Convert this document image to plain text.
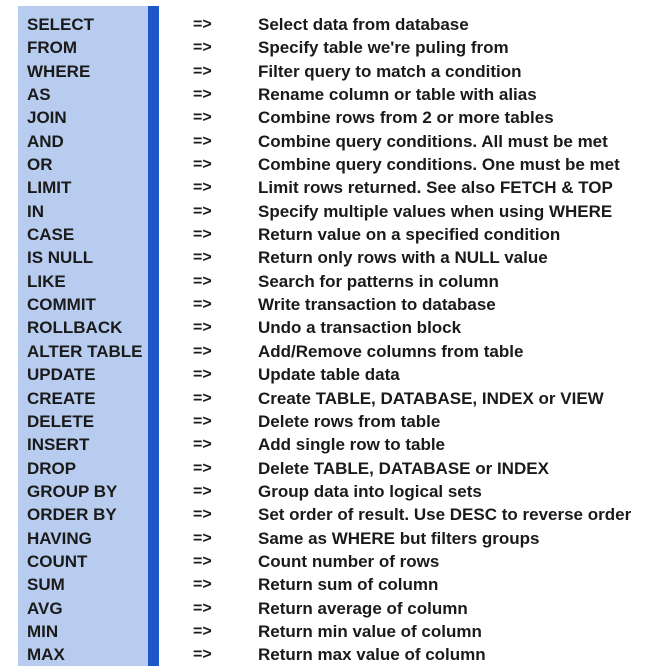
SELECT	=>	Select data from database
FROM	=>	Specify table we're puling from
WHERE	=>	Filter query to match a condition
AS	=>	Rename column or table with alias
JOIN	=>	Combine rows from 2 or more tables
AND	=>	Combine query conditions. All must be met
OR	=>	Combine query conditions. One must be met
LIMIT	=>	Limit rows returned. See also FETCH & TOP
IN	=>	Specify multiple values when using WHERE
CASE	=>	Return value on a specified condition
IS NULL	=>	Return only rows with a NULL value
LIKE	=>	Search for patterns in column
COMMIT	=>	Write transaction to database
ROLLBACK	=>	Undo a transaction block
ALTER TABLE	=>	Add/Remove columns from table
UPDATE	=>	Update table data
CREATE	=>	Create TABLE, DATABASE, INDEX or VIEW
DELETE	=>	Delete rows from table
INSERT	=>	Add single row to table
DROP	=>	Delete TABLE, DATABASE or INDEX
GROUP BY	=>	Group data into logical sets
ORDER BY	=>	Set order of result. Use DESC to reverse order
HAVING	=>	Same as WHERE but filters groups
COUNT	=>	Count number of rows
SUM	=>	Return sum of column
AVG	=>	Return average of column
MIN	=>	Return min value of column
MAX	=>	Return max value of column
